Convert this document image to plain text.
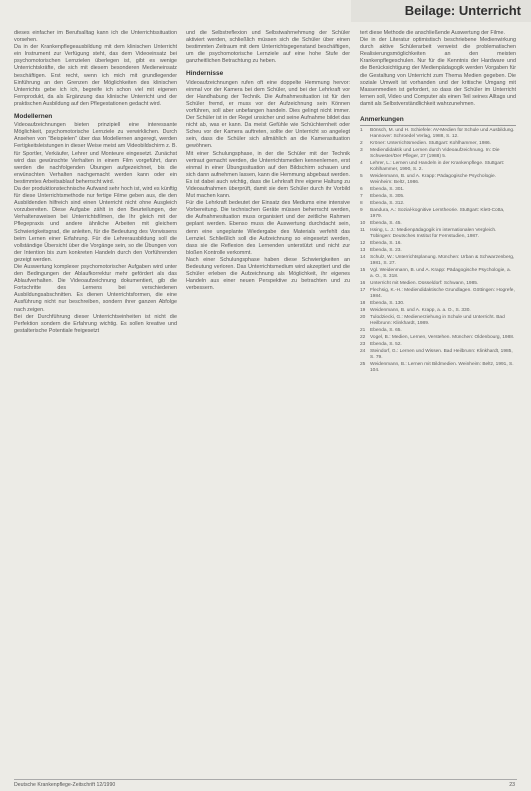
Beilage: Unterricht

dieses einfacher im Berufsalltag kann ich die Unterrichtssituation vorsehen.

Da in der Krankenpflegeausbildung mit dem klinischen Unterricht ein Instrument zur Verfügung steht, das dem Videoeinsatz bei psychomotorischen Lernzielen überlegen ist, gibt es wenige Unterrichtskräfte, die sich mit diesem besonderen Medieneinsatz beschäftigen. Erst recht, wenn ich mich mit grundlegender Einführung an den Grenzen der Möglichkeiten des klinischen Unterrichts gebe ich ich, begreife ich schon viel mit eigenen Fernprodukt, da als Ergänzung das klinische Unterricht und der praktischen Ausbildung auf den Pflegestationen gedacht wird.

Modellernen

Videoaufzeichnungen bieten prinzipiell eine interessante Möglichkeit, psychomotorische Lernziele zu verwirklichen. Durch Ansehen von "Beispielen" über das Modellernen angeregt, werden Fertigkeitsleistungen in dieser Weise meist am Videobildschirm z. B. für Sportler, Verkäufer, Lehrer und Monteure eingesetzt. Zunächst wird das gewünschte Verhalten in einem Film vorgeführt, dann werden die nachfolgenden Übungen aufgezeichnet, bis die erwünschten Verhalten nachgemacht werden kann oder ein bestimmtes Arbeitsablauf beherrscht wird.

Da der produktionstechnische Aufwand sehr hoch ist, wird es künftig für diese Unterrichtsmethode nur fertige Filme geben aus, die den Ausbildenden hilfreich sind einen Unterricht nicht ohne Ausgleich vorzubereiten. Diese Aufgabe zählt in den Beurteilungen, der Verhaltensweisen bei Unterrichtsfilmen, die Ihr gleich mit der Pflegepraxis und andere ähnliche Arbeiten mit gleichem Schwierigkeitsgrad, die anleiten, für die Bedeutung des Vorwissens beim Lernen einer Erfahrung. Für die Lehrerausbildung soll die vollständige Übersicht über die Vorgänge sein, so die Übungen von der Intention bis zum konkreten Handeln durch den Vorführenden gezeigt werden.

Die Auswertung komplexer psychomotorischer Aufgaben wird unter den Bedingungen der Ablaufkorrektur mehr gefördert als das Ablaufverhalten. Die Videoaufzeichnung dokumentiert, gib die Fortschritte des Lernens bei verschiedenen Ausbildungsabschnitten. Es dienen Unterrichtsformen, die eine Ausführung nicht nur beschreiben, sondern ihrer ganzen Abfolge nach zeigen.

Bei der Durchführung dieser Unterrichtseinheiten ist nicht die Perfektion sondern die Erfahrung wichtig. Es sollen kreative und gestalterische Potentiale freigesetzt

und die Selbstreflexion und Selbstwahrnehmung der Schüler aktiviert werden, schließlich müssen sich die Schüler über einen bestimmten Zeitraum mit dem Unterrichtsgegenstand beschäftigen, um die psychomotorische Lernziele auf eine hohe Stufe der ganzheitlichen Betrachtung zu heben.

Hindernisse

Videoaufzeichnungen rufen oft eine doppelte Hemmung hervor: einmal vor der Kamera bei dem Schüler, und bei der Lehrkraft vor der Handhabung der Technik. Die Aufnahmesituation ist für den Schüler fremd, er muss vor der Aufzeichnung sein Können vorführen, soll aber unbefangen handeln. Dies gelingt nicht immer. Der Schüler ist in der Regel unsicher und seine Aufnahme bildet das nicht ab, was er kann. Da meist Gefühle wie Schüchternheit oder Scheu vor der Kamera auftreten, sollte der Unterricht so angelegt sein, dass die Schüler sich allmählich an die Kamerasituation gewöhnen.

Mit einer Schulungsphase, in der die Schüler mit der Technik vertraut gemacht werden, die Unterrichtsmedien kennenlernen, erst einmal in einer Übungssituation auf den Bildschirm schauen und sich dann aufnehmen lassen, kann die Hemmung abgebaut werden. Es ist dabei auch wichtig, dass die Lehrkraft ihre eigene Haltung zu Videoaufnahmen überprüft, damit sie dem Schüler durch ihr Vorbild Mut machen kann.

Für die Lehrkraft bedeutet der Einsatz des Mediums eine intensive Vorbereitung. Die technischen Geräte müssen beherrscht werden, die Aufnahmesituation muss organisiert und der zeitliche Rahmen geplant werden. Ebenso muss die Auswertung durchdacht sein, denn eine ungeplante Wiedergabe des Materials verfehlt das Lernziel. Schließlich soll die Aufzeichnung so eingesetzt werden, dass sie die Reflexion des Lernenden unterstützt und nicht zur bloßen Kontrolle verkommt.

Nach einer Schulungsphase haben diese Schwierigkeiten an Bedeutung verloren. Das Unterrichtsmedium wird akzeptiert und die Schüler erleben die Aufzeichnung als Möglichkeit, ihr eigenes Handeln aus einer neuen Perspektive zu betrachten und zu verbessern.

tert diese Methode die anschließende Auswertung der Filme.

Die in der Literatur optimistisch beschriebene Medienwirkung durch aktive Schülerarbeit verweist die problematischen Realisierungsmöglichkeiten an den meisten Krankenpflegeschulen. Nur für die Kenntnis der Hardware und die Berücksichtigung der Medienpädagogik werden Vorgaben für die Gestaltung von Unterricht zum Thema Medien gegeben. Die soziale Umwelt ist vorhanden und der kritische Umgang mit Massenmedien ist gefordert, so dass der Schüler im Unterricht lernen soll, Video und Computer als einen Teil seines Alltags und damit als Selbstverständlichkeit wahrzunehmen.

Anmerkungen
1 Bönsch, M. und H. Schiefele: AV-Medien für Schule und Ausbildung. Hannover: Schroedel Verlag, 1988, S. 12.
2 Kröner: Unterrichtsmedien. Stuttgart: Kohlhammer, 1986.
3 Mediendidaktik und Lernen durch Videoaufzeichnung. In: Die Schwester/Der Pfleger, 27 (1988) 5.
4 Lehrer, L.: Lernen und Handeln in der Krankenpflege. Stuttgart: Kohlhammer, 1990, S. 2.
5 Weidenmann, B. und A. Krapp: Pädagogische Psychologie. Weinheim: Beltz, 1986.
6 Ebenda, S. 301.
7 Ebenda, S. 305.
8 Ebenda, S. 312.
9 Bandura, A.: Sozial-kognitive Lerntheorie. Stuttgart: Klett-Cotta, 1979.
10 Ebenda, S. 45.
11 Issing, L. J.: Medienpädagogik im internationalen Vergleich. Tübingen: Deutsches Institut für Fernstudien, 1987.
12 Ebenda, S. 16.
13 Ebenda, S. 23.
14 Schulz, W.: Unterrichtsplanung. München: Urban & Schwarzenberg, 1981, S. 27.
15 Vgl. Weidenmann, B. und A. Krapp: Pädagogische Psychologie, a. a. O., S. 318.
16 Unterricht mit Medien. Düsseldorf: Schwann, 1985.
17 Flechsig, K.-H.: Mediendidaktische Grundlagen. Göttingen: Hogrefe, 1984.
18 Ebenda, S. 130.
19 Weidenmann, B. und A. Krapp, a. a. O., S. 330.
20 Tulodziecki, G.: Medienerziehung in Schule und Unterricht. Bad Heilbrunn: Klinkhardt, 1989.
21 Ebenda, S. 65.
22 Vogel, B.: Medien, Lernen, Verstehen. München: Oldenbourg, 1988.
23 Ebenda, S. 52.
24 Steindorf, G.: Lernen und Wissen. Bad Heilbrunn: Klinkhardt, 1985, S. 79.
25 Weidenmann, B.: Lernen mit Bildmedien. Weinheim: Beltz, 1991, S. 104.
Deutsche Krankenpflege-Zeitschrift 12/1990	23
